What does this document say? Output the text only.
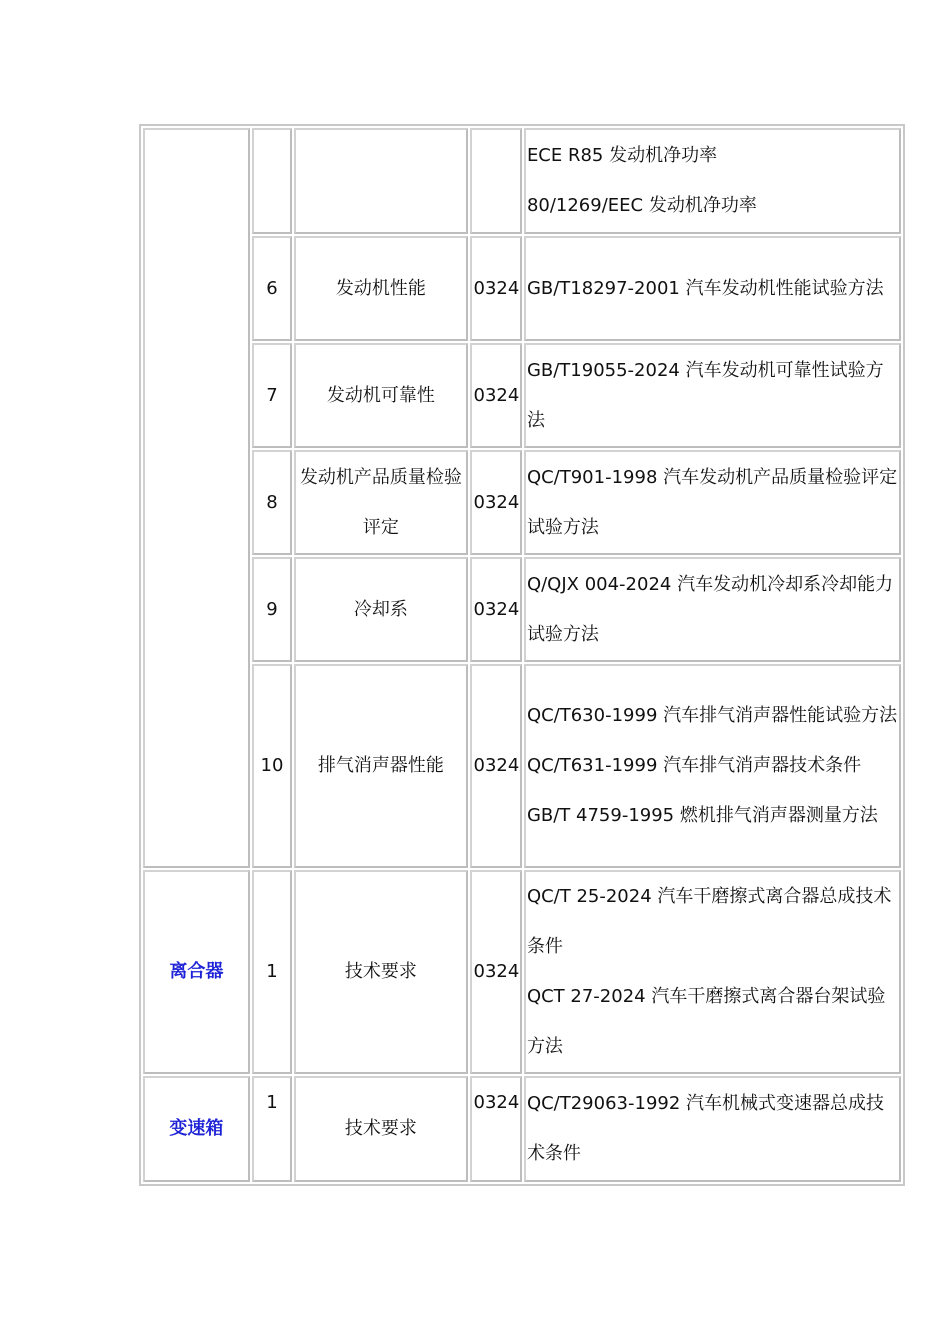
				ECE R85 发动机净功率
80/1269/EEC 发动机净功率

	6	发动机性能	0324	GB/T18297-2001 汽车发动机性能试验方法

	7	发动机可靠性	0324	GB/T19055-2024 汽车发动机可靠性试验方法

	8	发动机产品质量检验评定	0324	QC/T901-1998 汽车发动机产品质量检验评定试验方法

	9	冷却系	0324	Q/QJX 004-2024 汽车发动机冷却系冷却能力试验方法

	10	排气消声器性能	0324	QC/T630-1999 汽车排气消声器性能试验方法
QC/T631-1999 汽车排气消声器技术条件
GB/T 4759-1995 燃机排气消声器测量方法

离合器	1	技术要求	0324	QC/T 25-2024 汽车干磨擦式离合器总成技术条件
QCT 27-2024 汽车干磨擦式离合器台架试验方法

变速箱	1	技术要求	0324	QC/T29063-1992 汽车机械式变速器总成技术条件
